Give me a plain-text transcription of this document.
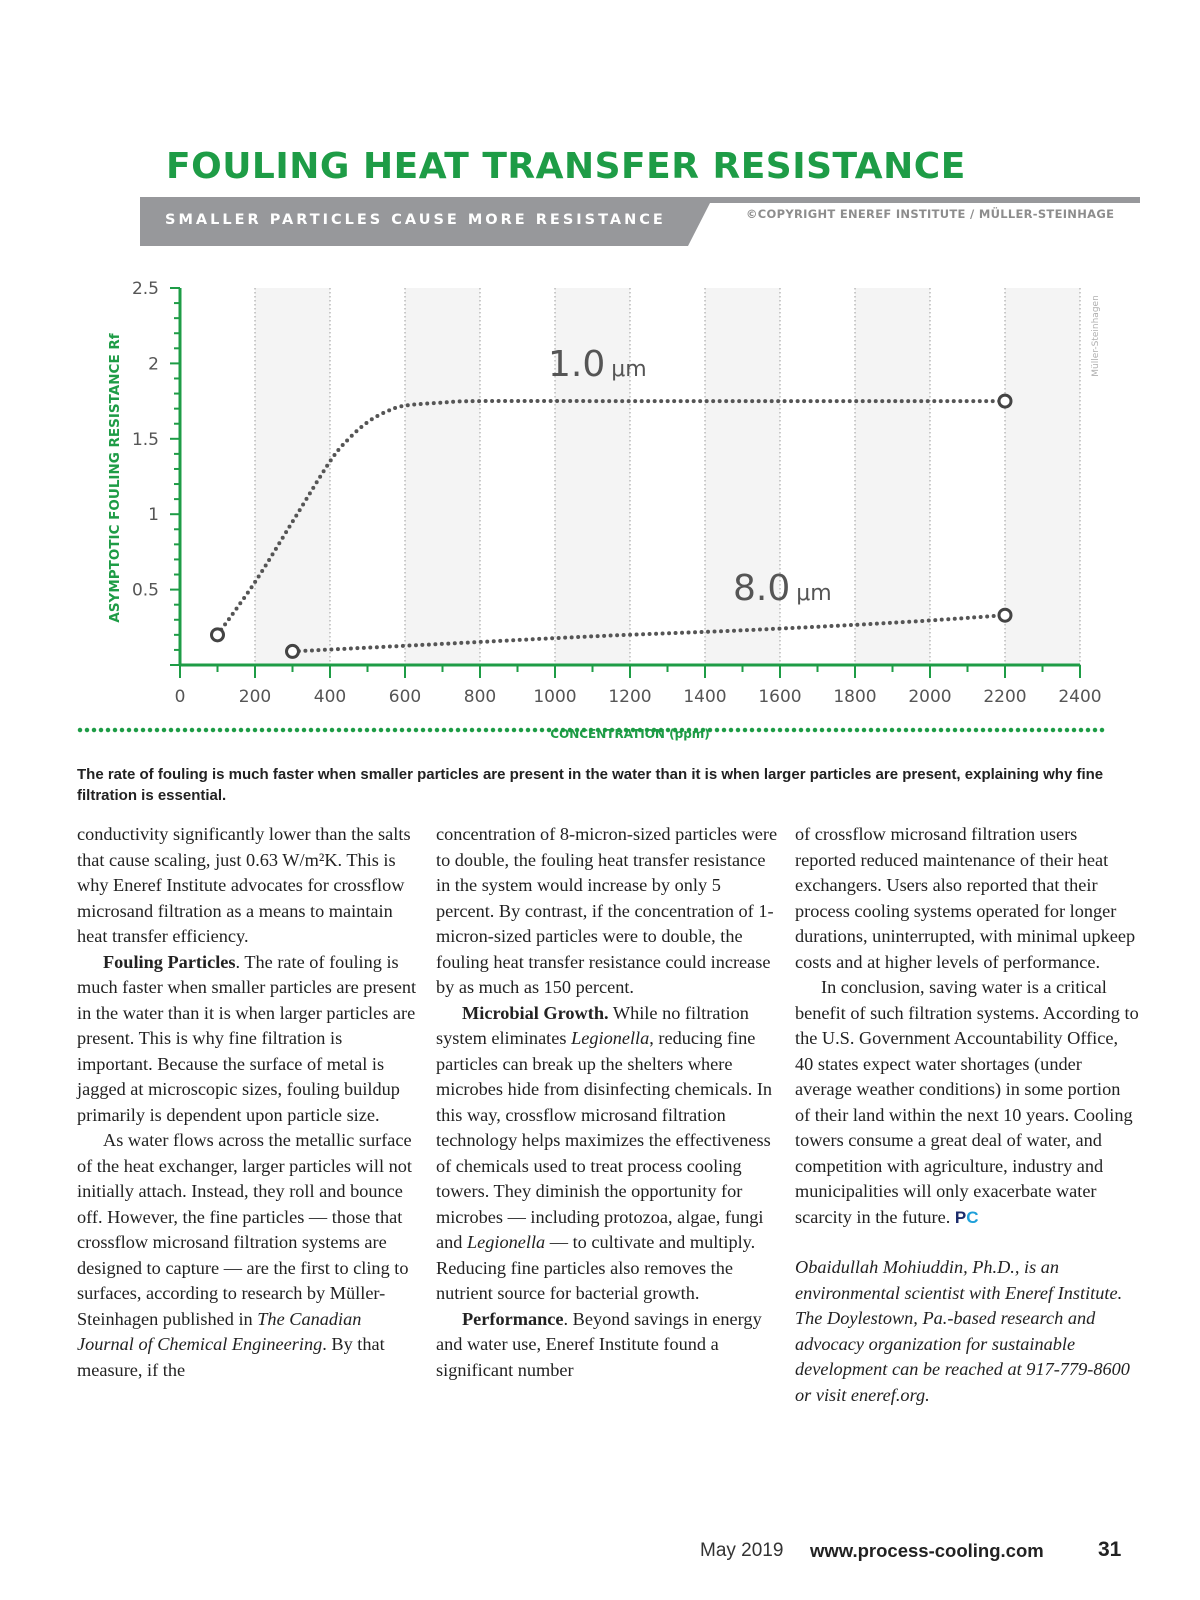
FOULING HEAT TRANSFER RESISTANCE
SMALLER PARTICLES CAUSE MORE RESISTANCE	©COPYRIGHT ENEREF INSTITUTE / MÜLLER-STEINHAGE
0	200	400	600	800 1000 1200 1400 1600 1800 2000 2200 2400
0.5
1
1.5
2
2.5
ASYMPTOTIC FOULING RESISTANCE Rf
CONCENTRATION (ppm)
1.0 μm
8.0 μm
Müller-Steinhagen
The rate of fouling is much faster when smaller particles are present in the water than it is when larger particles are present, explaining why fine filtration is essential.

conductivity significantly lower than the salts that cause scaling, just 0.63 W/m²K. This is why Eneref Institute advocates for crossflow microsand filtration as a means to maintain heat transfer efficiency.

Fouling Particles. The rate of fouling is much faster when smaller particles are present in the water than it is when larger particles are present. This is why fine filtration is important. Because the surface of metal is jagged at microscopic sizes, fouling buildup primarily is dependent upon particle size.

As water flows across the metallic surface of the heat exchanger, larger particles will not initially attach. Instead, they roll and bounce off. However, the fine particles — those that crossflow microsand filtration systems are designed to capture — are the first to cling to surfaces, according to research by Müller-Steinhagen published in The Canadian Journal of Chemical Engineering. By that measure, if the

concentration of 8-micron-sized particles were to double, the fouling heat transfer resistance in the system would increase by only 5 percent. By contrast, if the concentration of 1-micron-sized particles were to double, the fouling heat transfer resistance could increase by as much as 150 percent.

Microbial Growth. While no filtration system eliminates Legionella, reducing fine particles can break up the shelters where microbes hide from disinfecting chemicals. In this way, crossflow microsand filtration technology helps maximizes the effectiveness of chemicals used to treat process cooling towers. They diminish the opportunity for microbes — including protozoa, algae, fungi and Legionella — to cultivate and multiply. Reducing fine particles also removes the nutrient source for bacterial growth.

Performance. Beyond savings in energy and water use, Eneref Institute found a significant number

of crossflow microsand filtration users reported reduced maintenance of their heat exchangers. Users also reported that their process cooling systems operated for longer durations, uninterrupted, with minimal upkeep costs and at higher levels of performance.

In conclusion, saving water is a critical benefit of such filtration systems. According to the U.S. Government Accountability Office, 40 states expect water shortages (under average weather conditions) in some portion of their land within the next 10 years. Cooling towers consume a great deal of water, and competition with agriculture, industry and municipalities will only exacerbate water scarcity in the future. PC

Obaidullah Mohiuddin, Ph.D., is an environmental scientist with Eneref Institute. The Doylestown, Pa.-based research and advocacy organization for sustainable development can be reached at 917-779-8600 or visit eneref.org.

May 2019 www.process-cooling.com	31
